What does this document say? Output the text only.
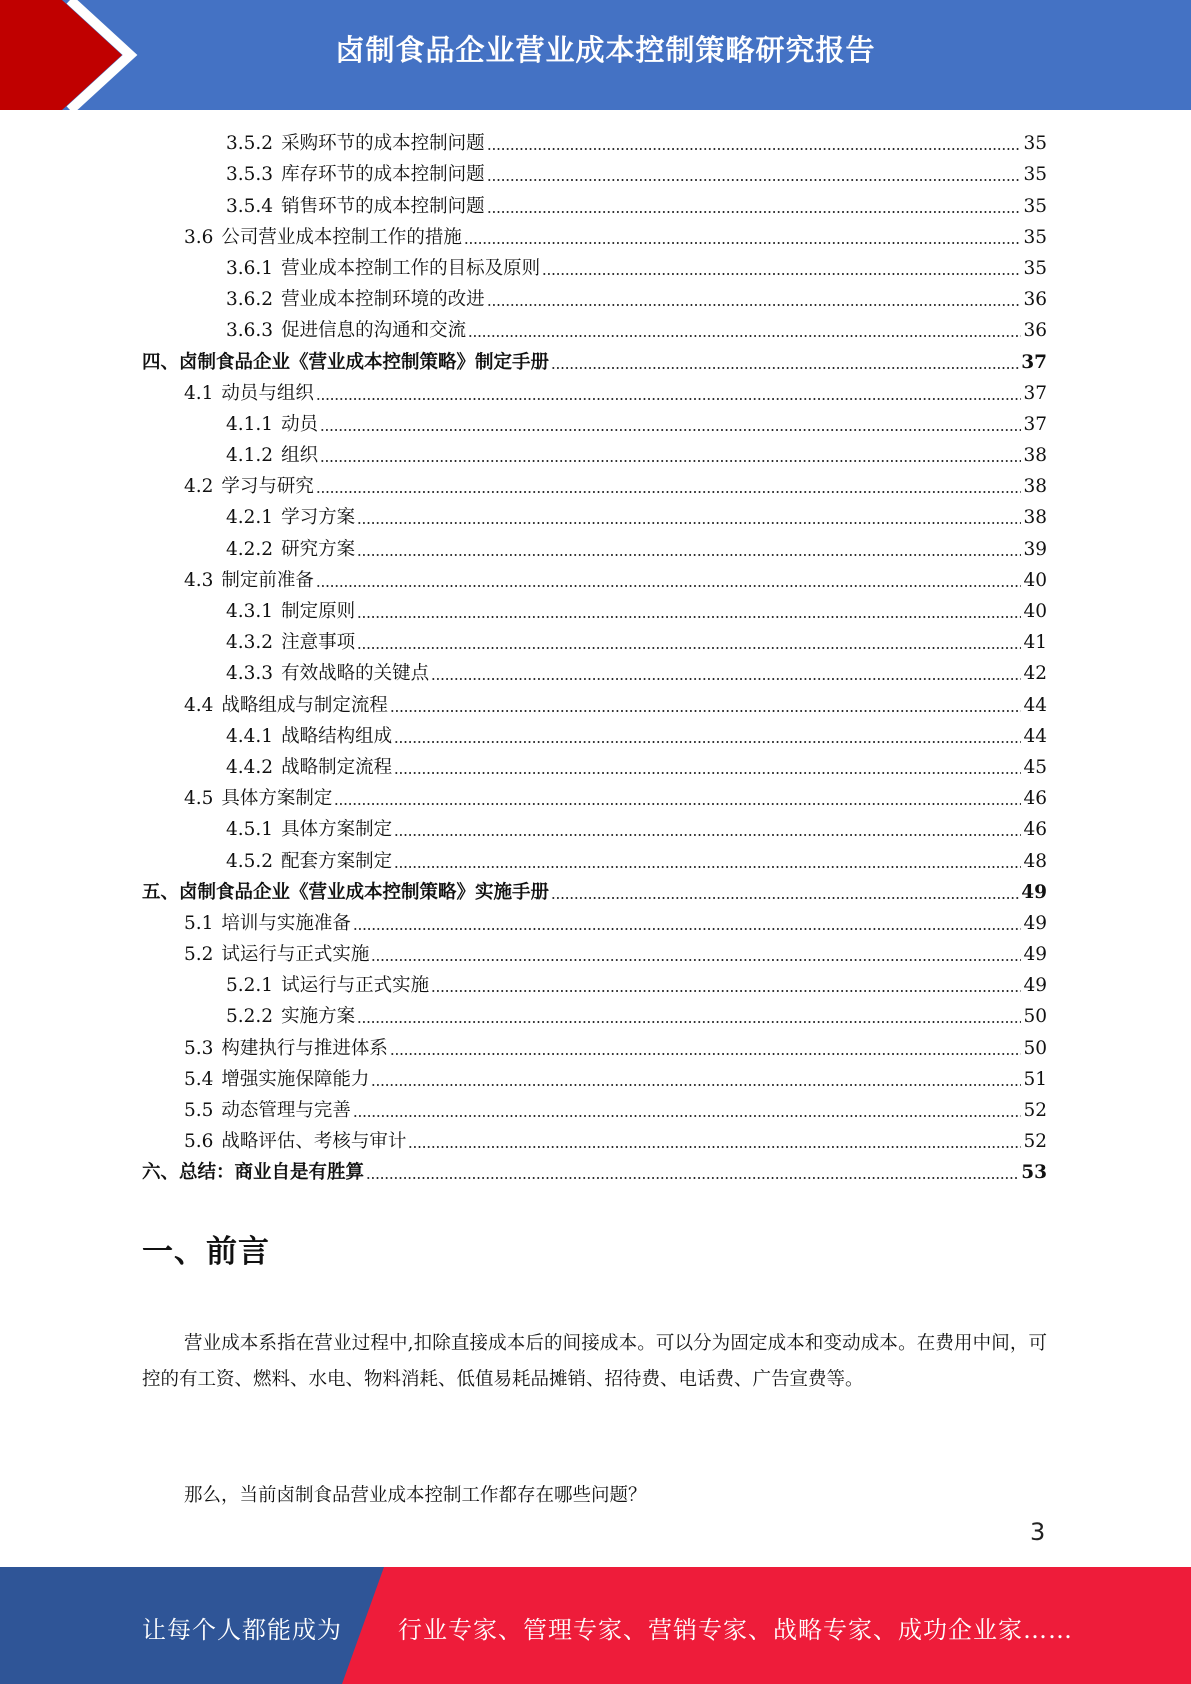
卤制食品企业营业成本控制策略研究报告
3.5.2 采购环节的成本控制问题	35
3.5.3 库存环节的成本控制问题	35
3.5.4 销售环节的成本控制问题	35
3.6 公司营业成本控制工作的措施	35
3.6.1 营业成本控制工作的目标及原则	35
3.6.2 营业成本控制环境的改进	36
3.6.3 促进信息的沟通和交流	36
四、卤制食品企业《营业成本控制策略》制定手册	37
4.1 动员与组织	37
4.1.1 动员	37
4.1.2 组织	38
4.2 学习与研究	38
4.2.1 学习方案	38
4.2.2 研究方案	39
4.3 制定前准备	40
4.3.1 制定原则	40
4.3.2 注意事项	41
4.3.3 有效战略的关键点	42
4.4 战略组成与制定流程	44
4.4.1 战略结构组成	44
4.4.2 战略制定流程	45
4.5 具体方案制定	46
4.5.1 具体方案制定	46
4.5.2 配套方案制定	48
五、卤制食品企业《营业成本控制策略》实施手册	49
5.1 培训与实施准备	49
5.2 试运行与正式实施	49
5.2.1 试运行与正式实施	49
5.2.2 实施方案	50
5.3 构建执行与推进体系	50
5.4 增强实施保障能力	51
5.5 动态管理与完善	52
5.6 战略评估、考核与审计	52
六、总结：商业自是有胜算	53
一、前言
营业成本系指在营业过程中,扣除直接成本后的间接成本。可以分为固定成本和变动成本。在费用中间，可控的有工资、燃料、水电、物料消耗、低值易耗品摊销、招待费、电话费、广告宣费等。
那么，当前卤制食品营业成本控制工作都存在哪些问题？
3
让每个人都能成为 行业专家、管理专家、营销专家、战略专家、成功企业家……
